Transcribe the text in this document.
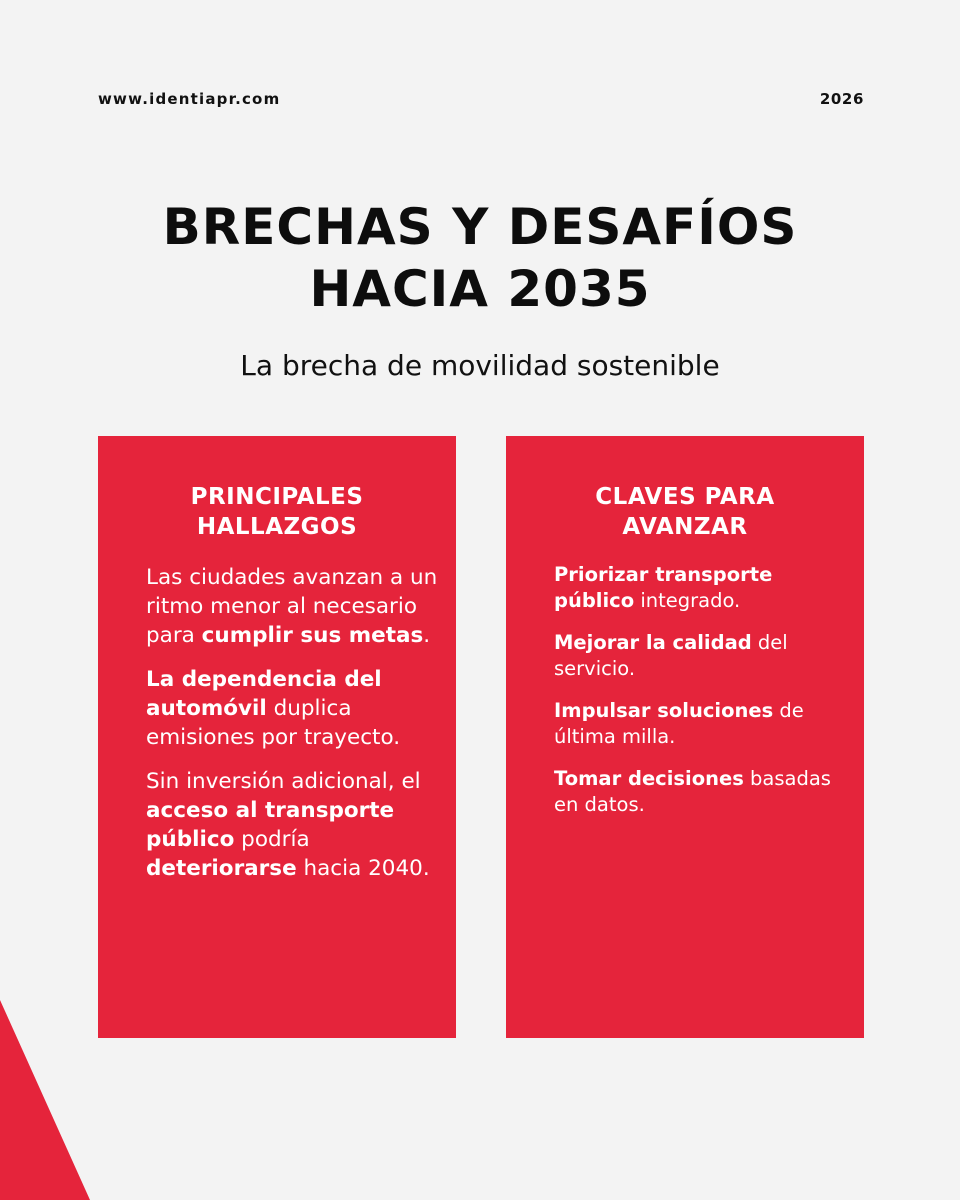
www.identiapr.com	2026
BRECHAS Y DESAFÍOS
HACIA 2035
La brecha de movilidad sostenible
PRINCIPALES
HALLAZGOS

Las ciudades avanzan a un ritmo menor al necesario para cumplir sus metas.

La dependencia del automóvil duplica emisiones por trayecto.

Sin inversión adicional, el acceso al transporte público podría deteriorarse hacia 2040.

CLAVES PARA
AVANZAR

Priorizar transporte público integrado.

Mejorar la calidad del servicio.

Impulsar soluciones de última milla.

Tomar decisiones basadas en datos.
